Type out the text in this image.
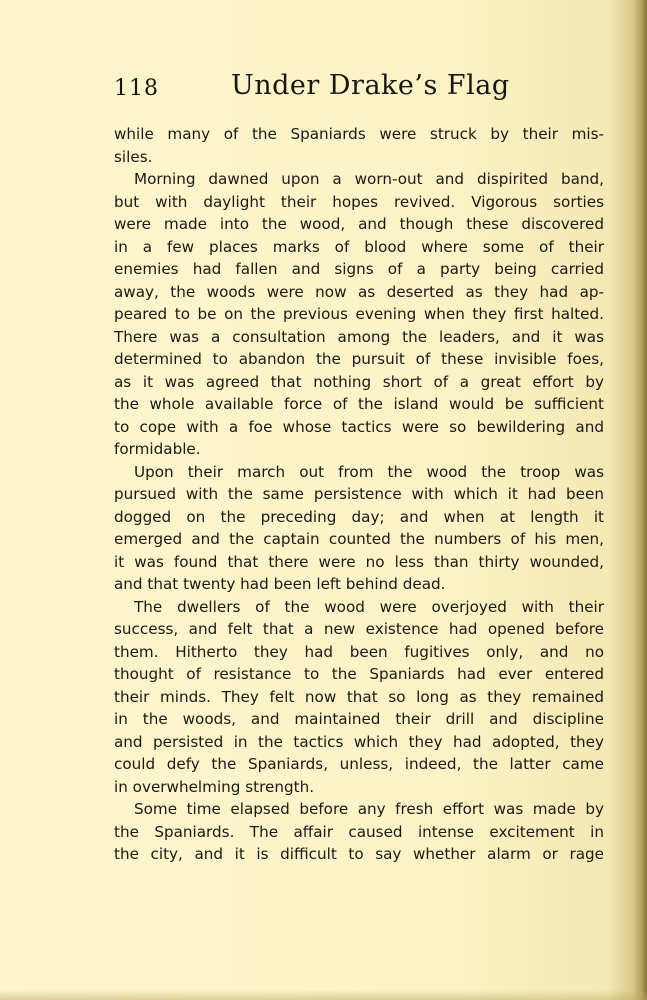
118	Under Drake’s Flag
while many of the Spaniards were struck by their mis-
siles.
Morning dawned upon a worn-out and dispirited band,
but with daylight their hopes revived. Vigorous sorties
were made into the wood, and though these discovered
in a few places marks of blood where some of their
enemies had fallen and signs of a party being carried
away, the woods were now as deserted as they had ap-
peared to be on the previous evening when they first halted.
There was a consultation among the leaders, and it was
determined to abandon the pursuit of these invisible foes,
as it was agreed that nothing short of a great effort by
the whole available force of the island would be sufficient
to cope with a foe whose tactics were so bewildering and
formidable.
Upon their march out from the wood the troop was
pursued with the same persistence with which it had been
dogged on the preceding day; and when at length it
emerged and the captain counted the numbers of his men,
it was found that there were no less than thirty wounded,
and that twenty had been left behind dead.
The dwellers of the wood were overjoyed with their
success, and felt that a new existence had opened before
them. Hitherto they had been fugitives only, and no
thought of resistance to the Spaniards had ever entered
their minds. They felt now that so long as they remained
in the woods, and maintained their drill and discipline
and persisted in the tactics which they had adopted, they
could defy the Spaniards, unless, indeed, the latter came
in overwhelming strength.
Some time elapsed before any fresh effort was made by
the Spaniards. The affair caused intense excitement in
the city, and it is difficult to say whether alarm or rage
